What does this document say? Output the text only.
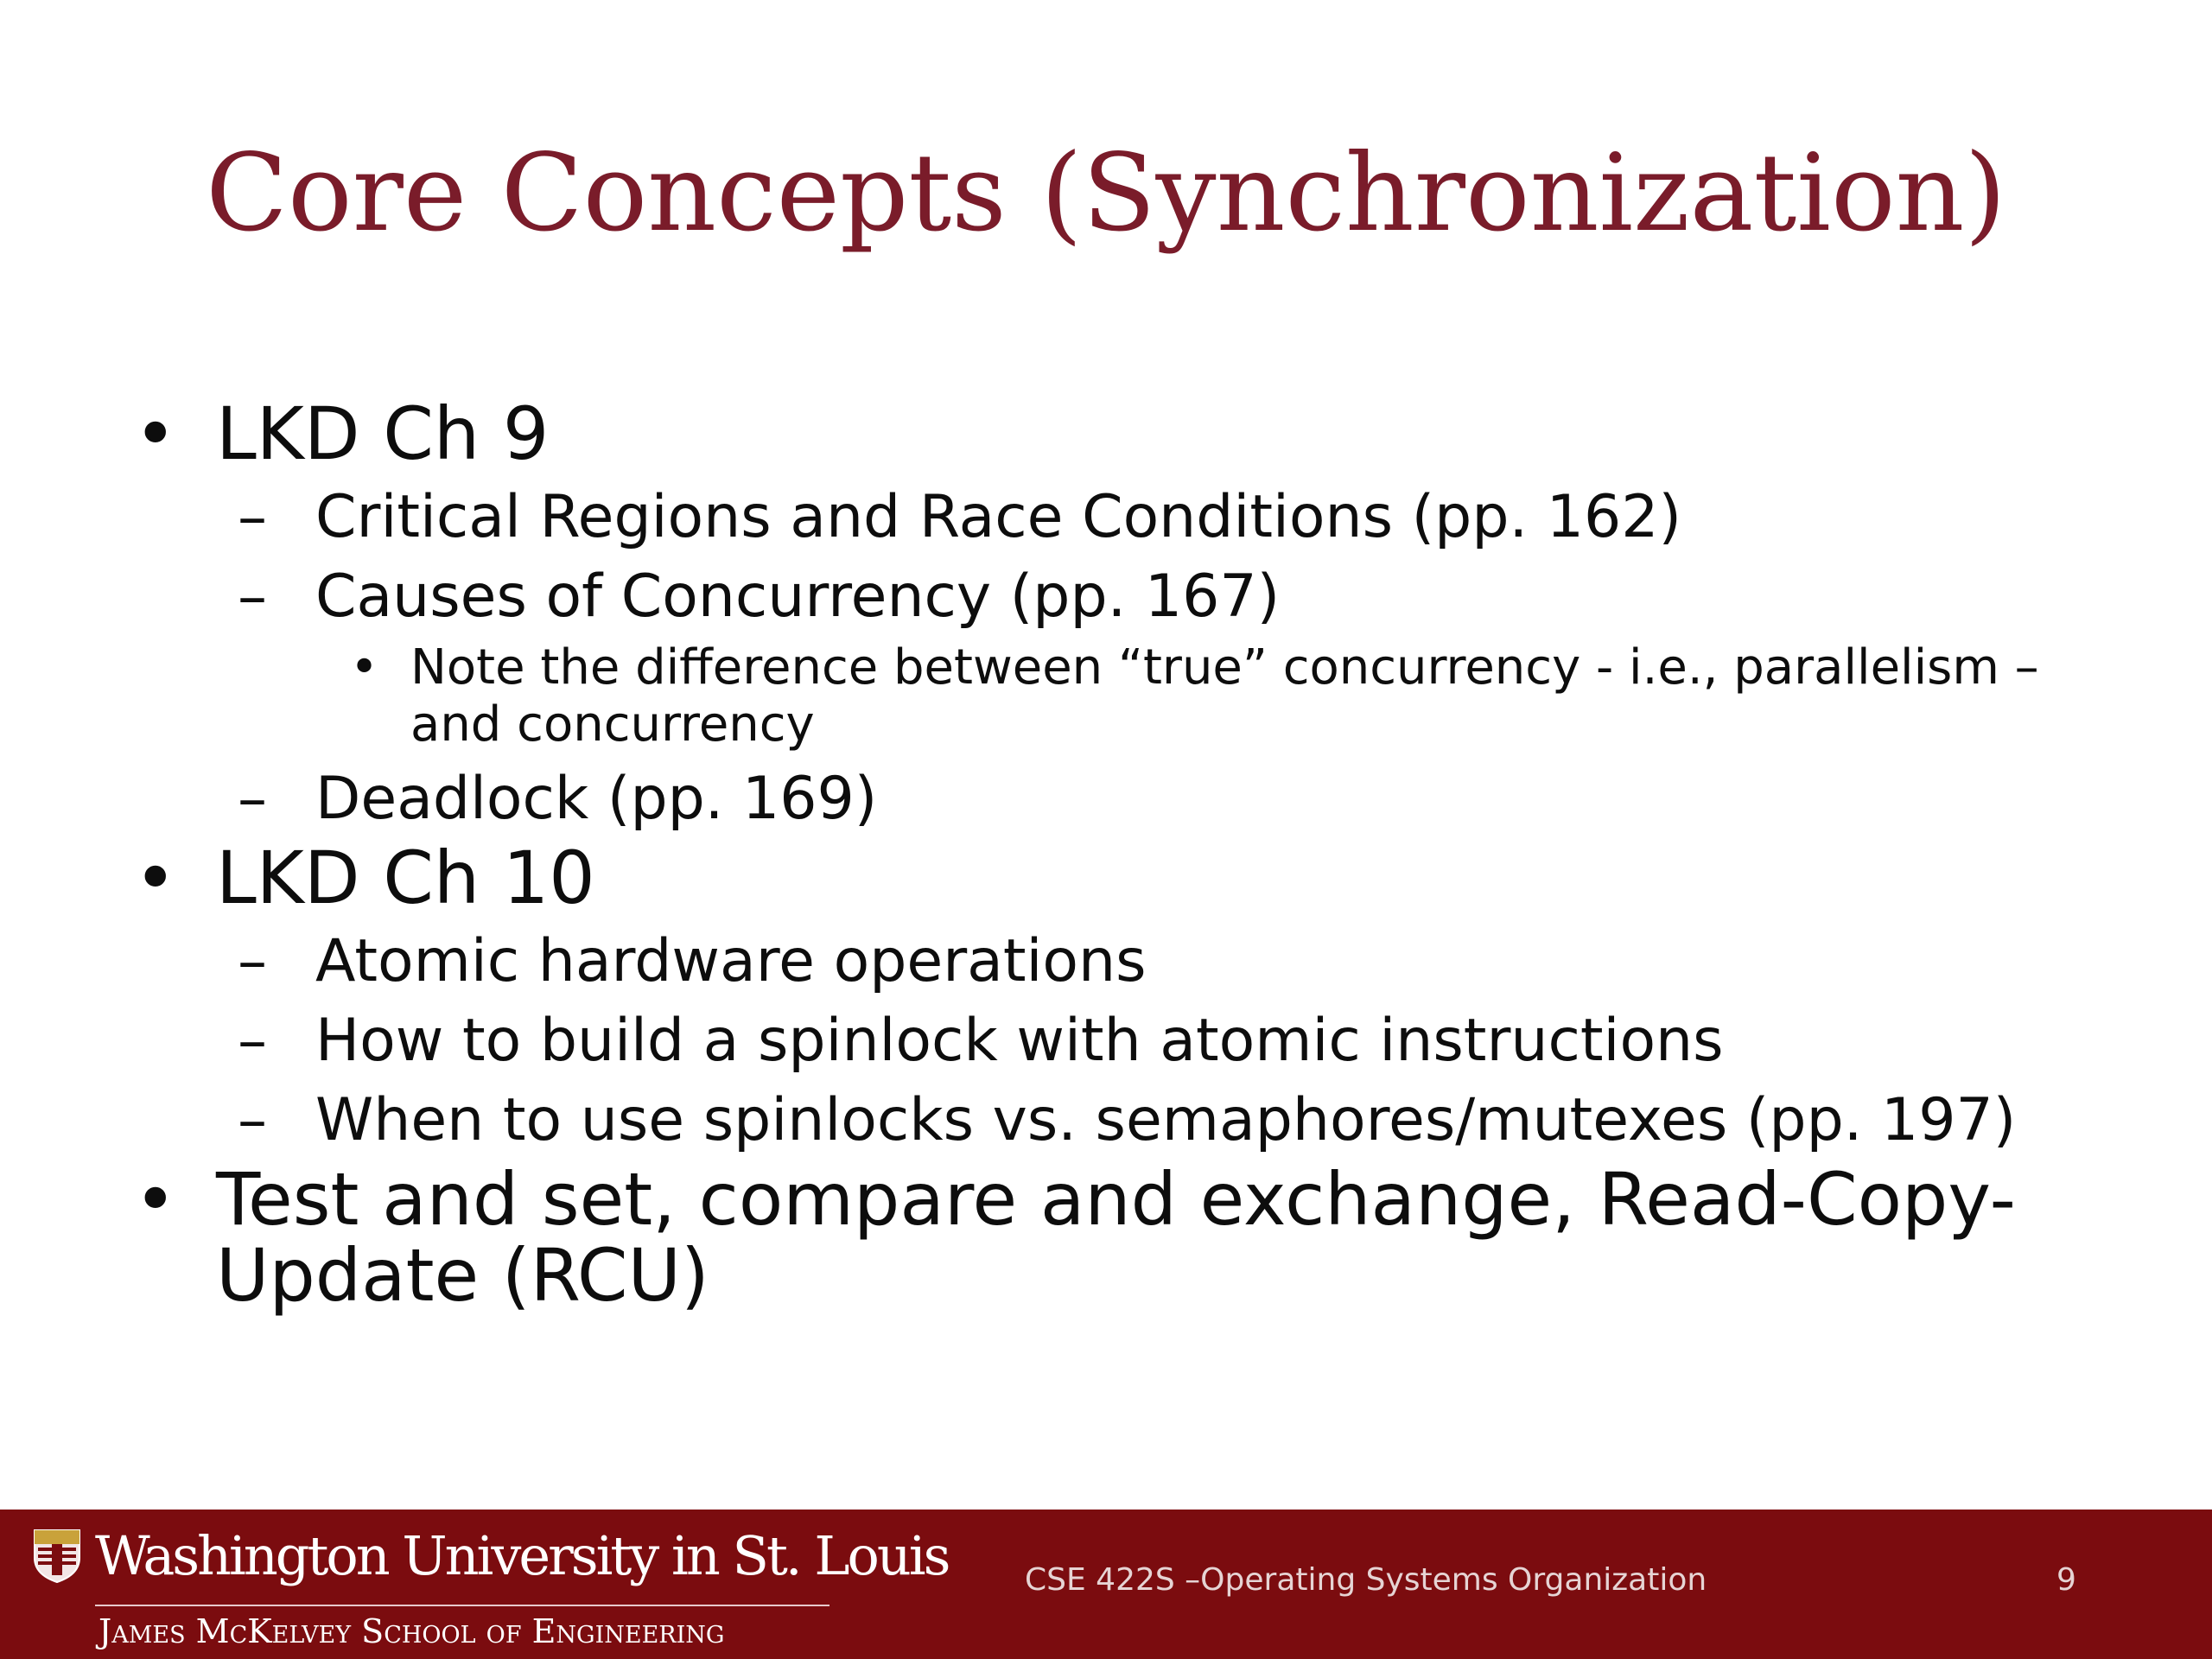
Core Concepts (Synchronization)
• LKD Ch 9
– Critical Regions and Race Conditions (pp. 162)
– Causes of Concurrency (pp. 167)
• Note the difference between “true” concurrency - i.e., parallelism – and concurrency
– Deadlock (pp. 169)
• LKD Ch 10
– Atomic hardware operations
– How to build a spinlock with atomic instructions
– When to use spinlocks vs. semaphores/mutexes (pp. 197)
• Test and set, compare and exchange, Read-Copy-Update (RCU)
Washington University in St. Louis
James McKelvey School of Engineering
CSE 422S –Operating Systems Organization	9
